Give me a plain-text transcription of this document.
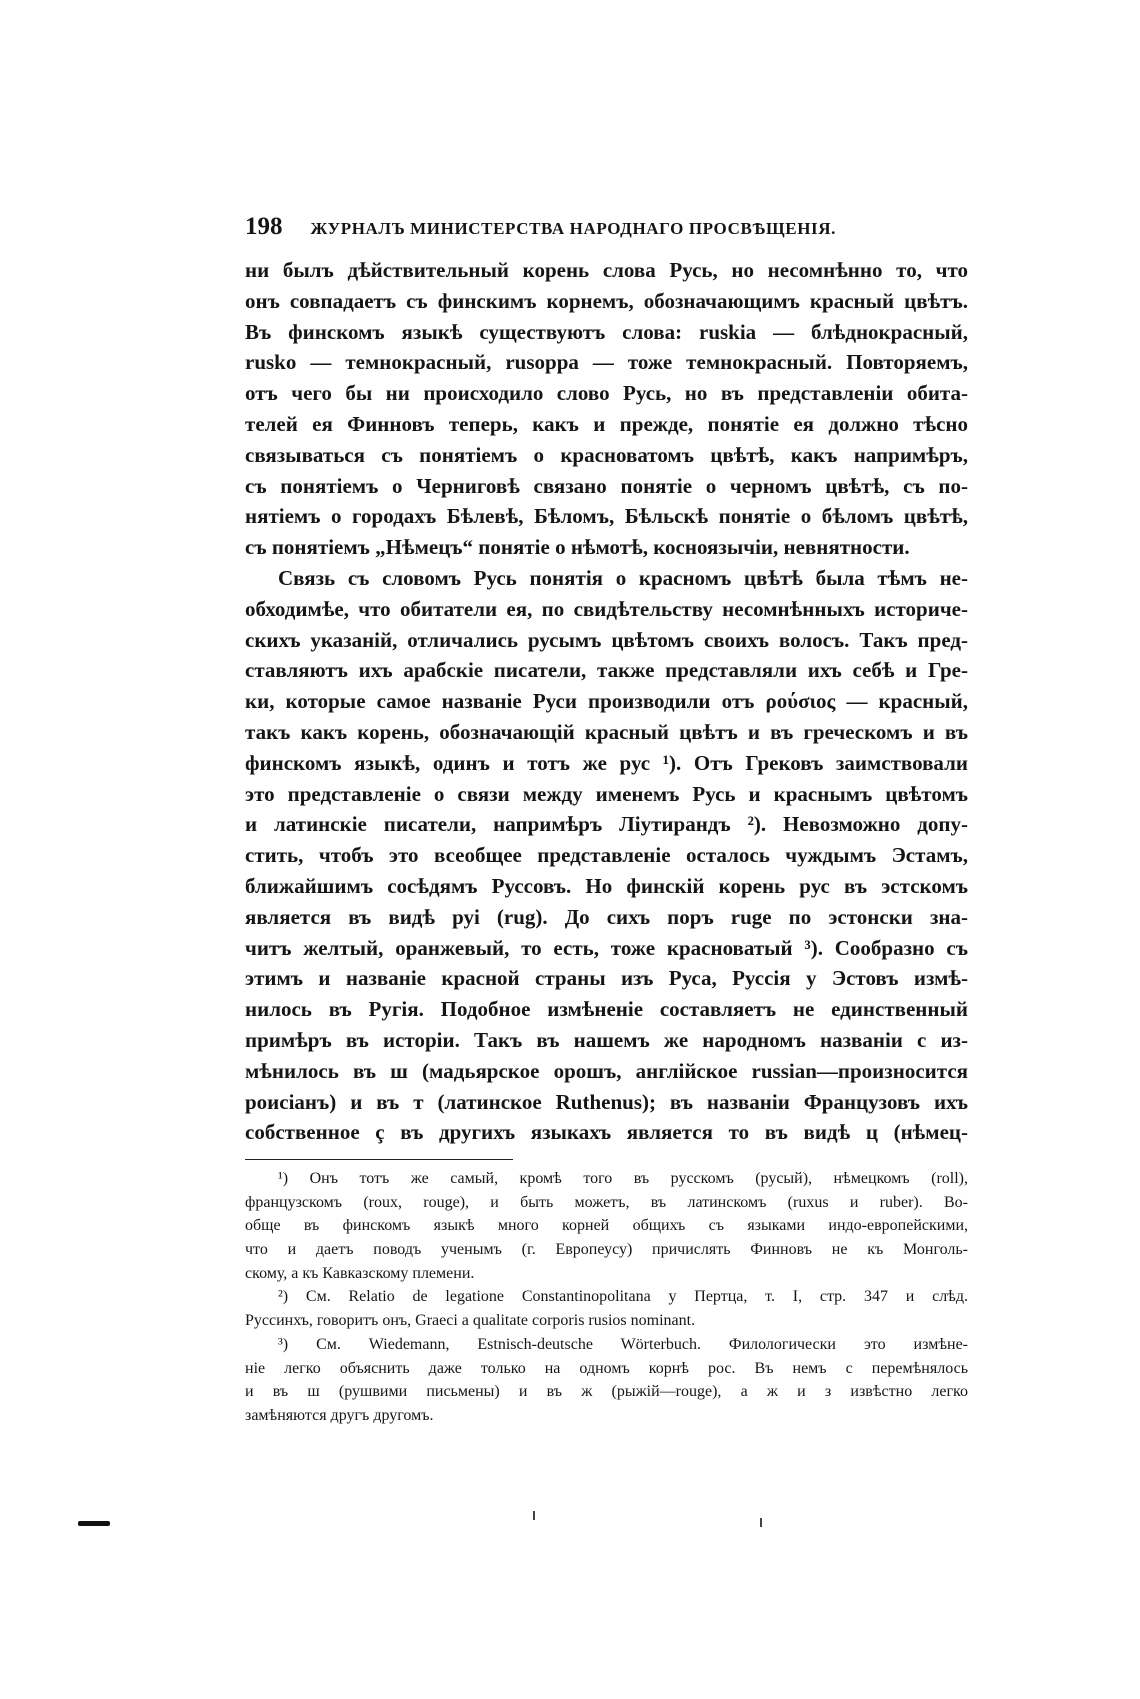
198 ЖУРНАЛЪ МИНИСТЕРСТВА НАРОДНАГО ПРОСВѢЩЕНІЯ.
ни былъ дѣйствительный корень слова Русь, но несомнѣнно то, что
онъ совпадаетъ съ финскимъ корнемъ, обозначающимъ красный цвѣтъ.
Въ финскомъ языкѣ существуютъ слова: ruskia — блѣднокрасный,
rusko — темнокрасный, rusoppa — тоже темнокрасный. Повторяемъ,
отъ чего бы ни происходило слово Русь, но въ представленіи обита-
телей ея Финновъ теперь, какъ и прежде, понятіе ея должно тѣсно
связываться съ понятіемъ о красноватомъ цвѣтѣ, какъ напримѣръ,
съ понятіемъ о Черниговѣ связано понятіе о черномъ цвѣтѣ, съ по-
нятіемъ о городахъ Бѣлевѣ, Бѣломъ, Бѣльскѣ понятіе о бѣломъ цвѣтѣ,
съ понятіемъ „Нѣмецъ“ понятіе о нѣмотѣ, косноязычіи, невнятности.
Связь съ словомъ Русь понятія о красномъ цвѣтѣ была тѣмъ не-
обходимѣе, что обитатели ея, по свидѣтельству несомнѣнныхъ историче-
скихъ указаній, отличались русымъ цвѣтомъ своихъ волосъ. Такъ пред-
ставляютъ ихъ арабскіе писатели, также представляли ихъ себѣ и Гре-
ки, которые самое названіе Руси производили отъ ρούσιος — красный,
такъ какъ корень, обозначающій красный цвѣтъ и въ греческомъ и въ
финскомъ языкѣ, одинъ и тотъ же рус ¹). Отъ Грековъ заимствовали
это представленіе о связи между именемъ Русь и краснымъ цвѣтомъ
и латинскіе писатели, напримѣръ Ліутирандъ ²). Невозможно допу-
стить, чтобъ это всеобщее представленіе осталось чуждымъ Эстамъ,
ближайшимъ сосѣдямъ Руссовъ. Но финскій корень рус въ эстскомъ
является въ видѣ руі (rug). До сихъ поръ ruge по эстонски зна-
читъ желтый, оранжевый, то есть, тоже красноватый ³). Сообразно съ
этимъ и названіе красной страны изъ Руса, Руссія у Эстовъ измѣ-
нилось въ Ругія. Подобное измѣненіе составляетъ не единственный
примѣръ въ исторіи. Такъ въ нашемъ же народномъ названіи с из-
мѣнилось въ ш (мадьярское орошъ, англійское russian—произносится
роисіанъ) и въ т (латинское Ruthenus); въ названіи Французовъ ихъ
собственное ç въ другихъ языкахъ является то въ видѣ ц (нѣмец-
¹) Онъ тотъ же самый, кромѣ того въ русскомъ (русый), нѣмецкомъ (roll),
французскомъ (roux, rouge), и быть можетъ, въ латинскомъ (ruxus и ruber). Во-
обще въ финскомъ языкѣ много корней общихъ съ языками индо-европейскими,
что и даетъ поводъ ученымъ (г. Европеусу) причислять Финновъ не къ Монголь-
скому, а къ Кавказскому племени.
²) См. Relatio de legatione Constantinopolitana у Пертца, т. I, стр. 347 и слѣд.
Руссинхъ, говоритъ онъ, Graeci a qualitate corporis rusios nominant.
³) См. Wiedemann, Estnisch-deutsche Wörterbuch. Филологически это измѣне-
ніе легко объяснить даже только на одномъ корнѣ рос. Въ немъ с перемѣнялось
и въ ш (рушвими письмены) и въ ж (рыжій—rouge), а ж и з извѣстно легко
замѣняются другъ другомъ.
